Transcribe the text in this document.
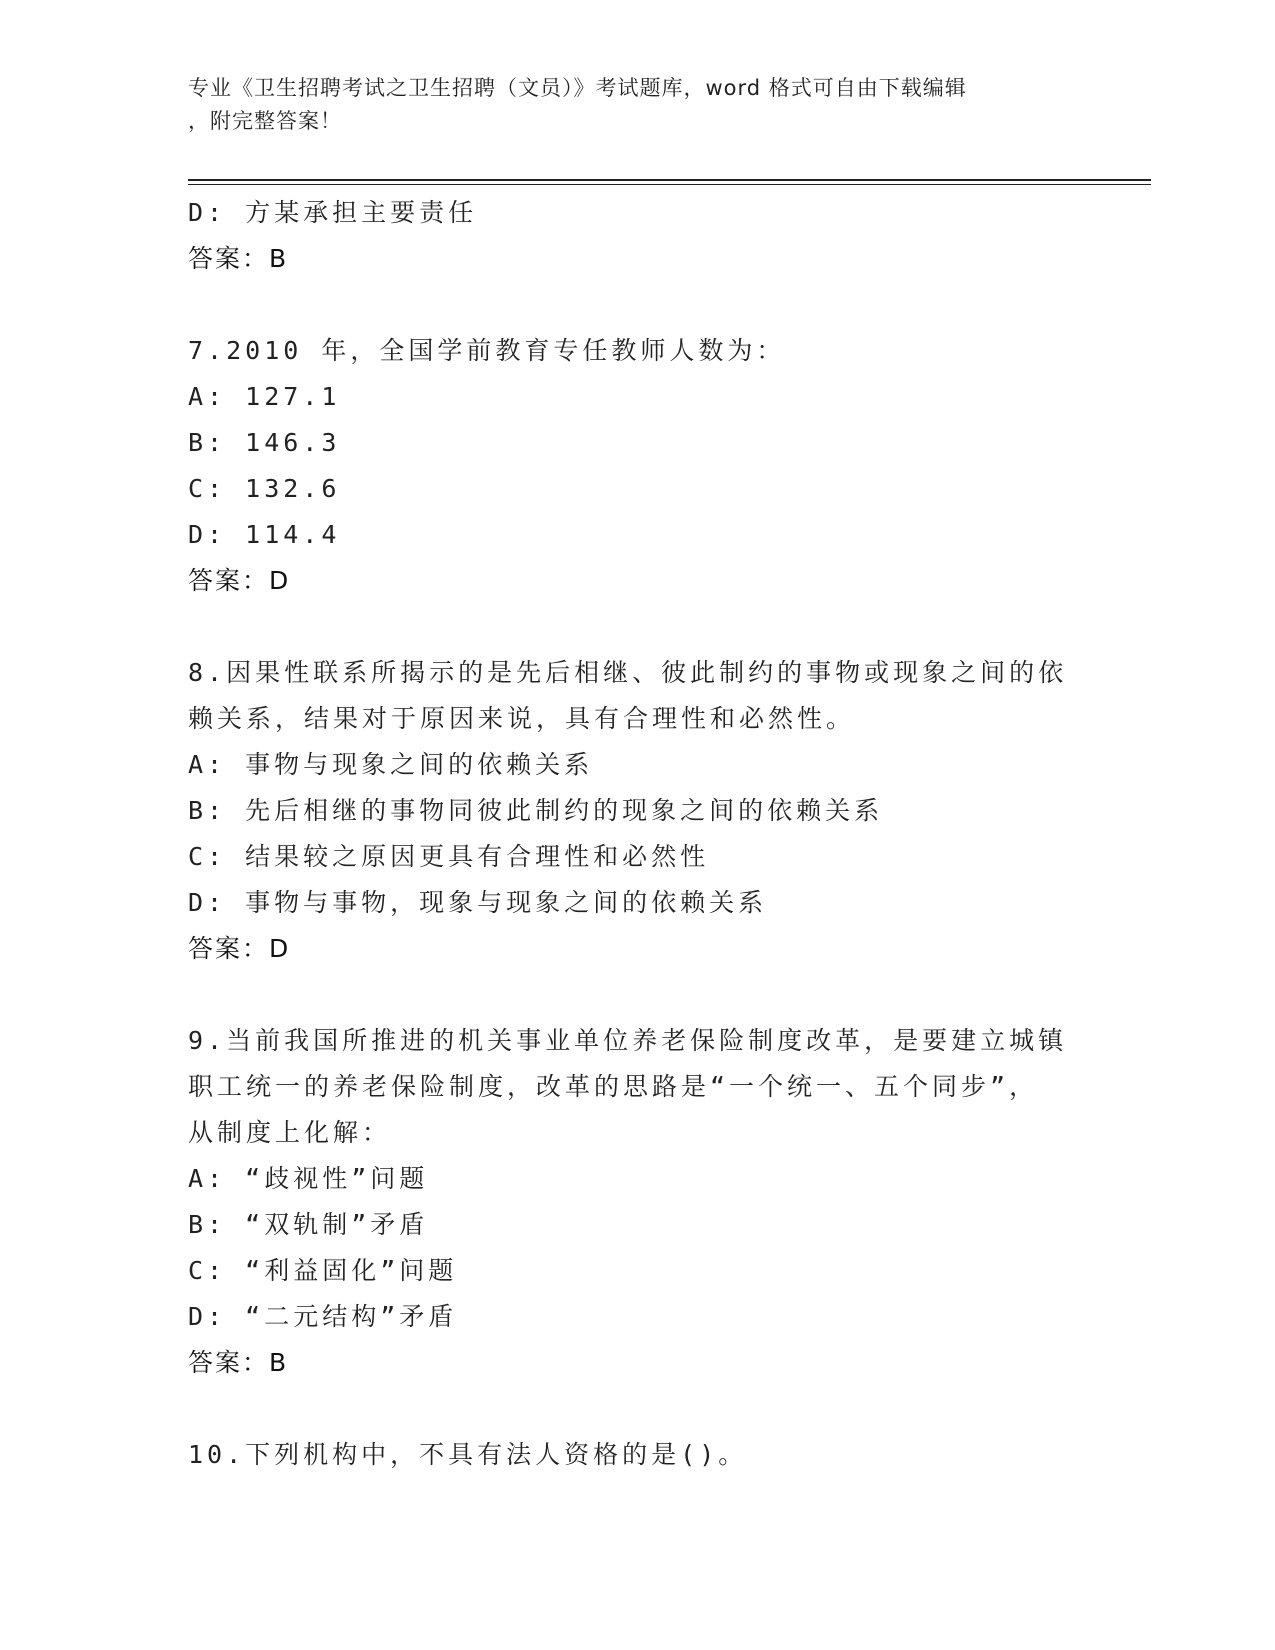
专业《卫生招聘考试之卫生招聘（文员）》考试题库，word 格式可自由下载编辑
，附完整答案！
D: 方某承担主要责任
答案：B
7.2010 年，全国学前教育专任教师人数为：
A: 127.1
B: 146.3
C: 132.6
D: 114.4
答案：D
8.因果性联系所揭示的是先后相继、彼此制约的事物或现象之间的依
赖关系，结果对于原因来说，具有合理性和必然性。
A: 事物与现象之间的依赖关系
B: 先后相继的事物同彼此制约的现象之间的依赖关系
C: 结果较之原因更具有合理性和必然性
D: 事物与事物，现象与现象之间的依赖关系
答案：D
9.当前我国所推进的机关事业单位养老保险制度改革，是要建立城镇
职工统一的养老保险制度，改革的思路是“一个统一、五个同步”，
从制度上化解：
A: “歧视性”问题
B: “双轨制”矛盾
C: “利益固化”问题
D: “二元结构”矛盾
答案：B
10.下列机构中，不具有法人资格的是()。
